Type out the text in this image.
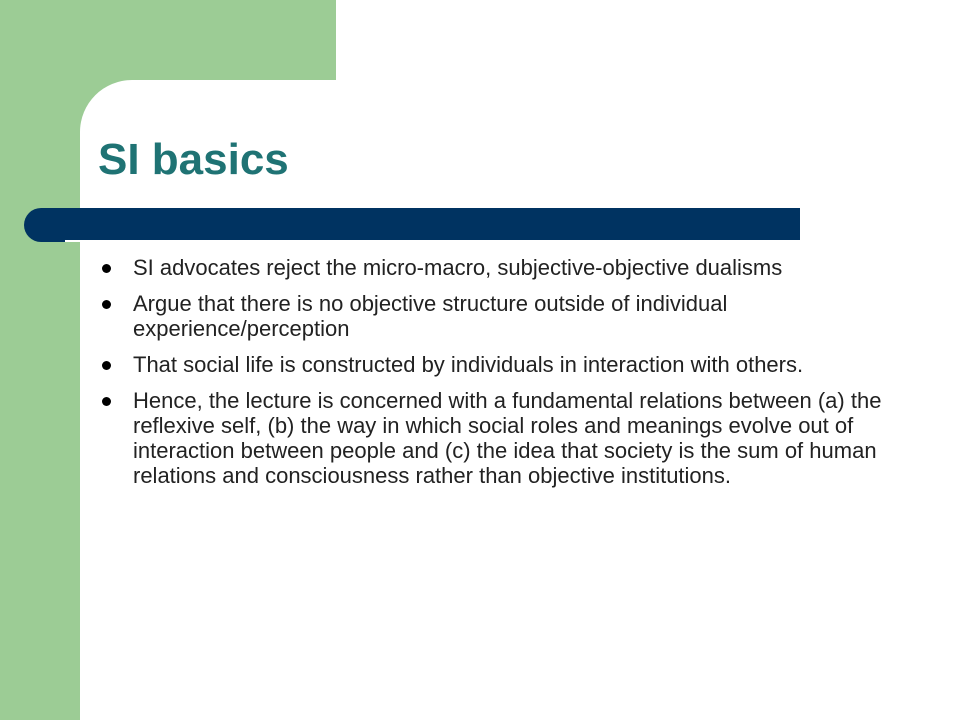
SI basics
SI advocates reject the micro-macro, subjective-objective dualisms
Argue that there is no objective structure outside of individual experience/perception
That social life is constructed by individuals in interaction with others.
Hence, the lecture is concerned with a fundamental relations between (a) the reflexive self, (b) the way in which social roles and meanings evolve out of interaction between people and (c) the idea that society is the sum of human relations and consciousness rather than objective institutions.
